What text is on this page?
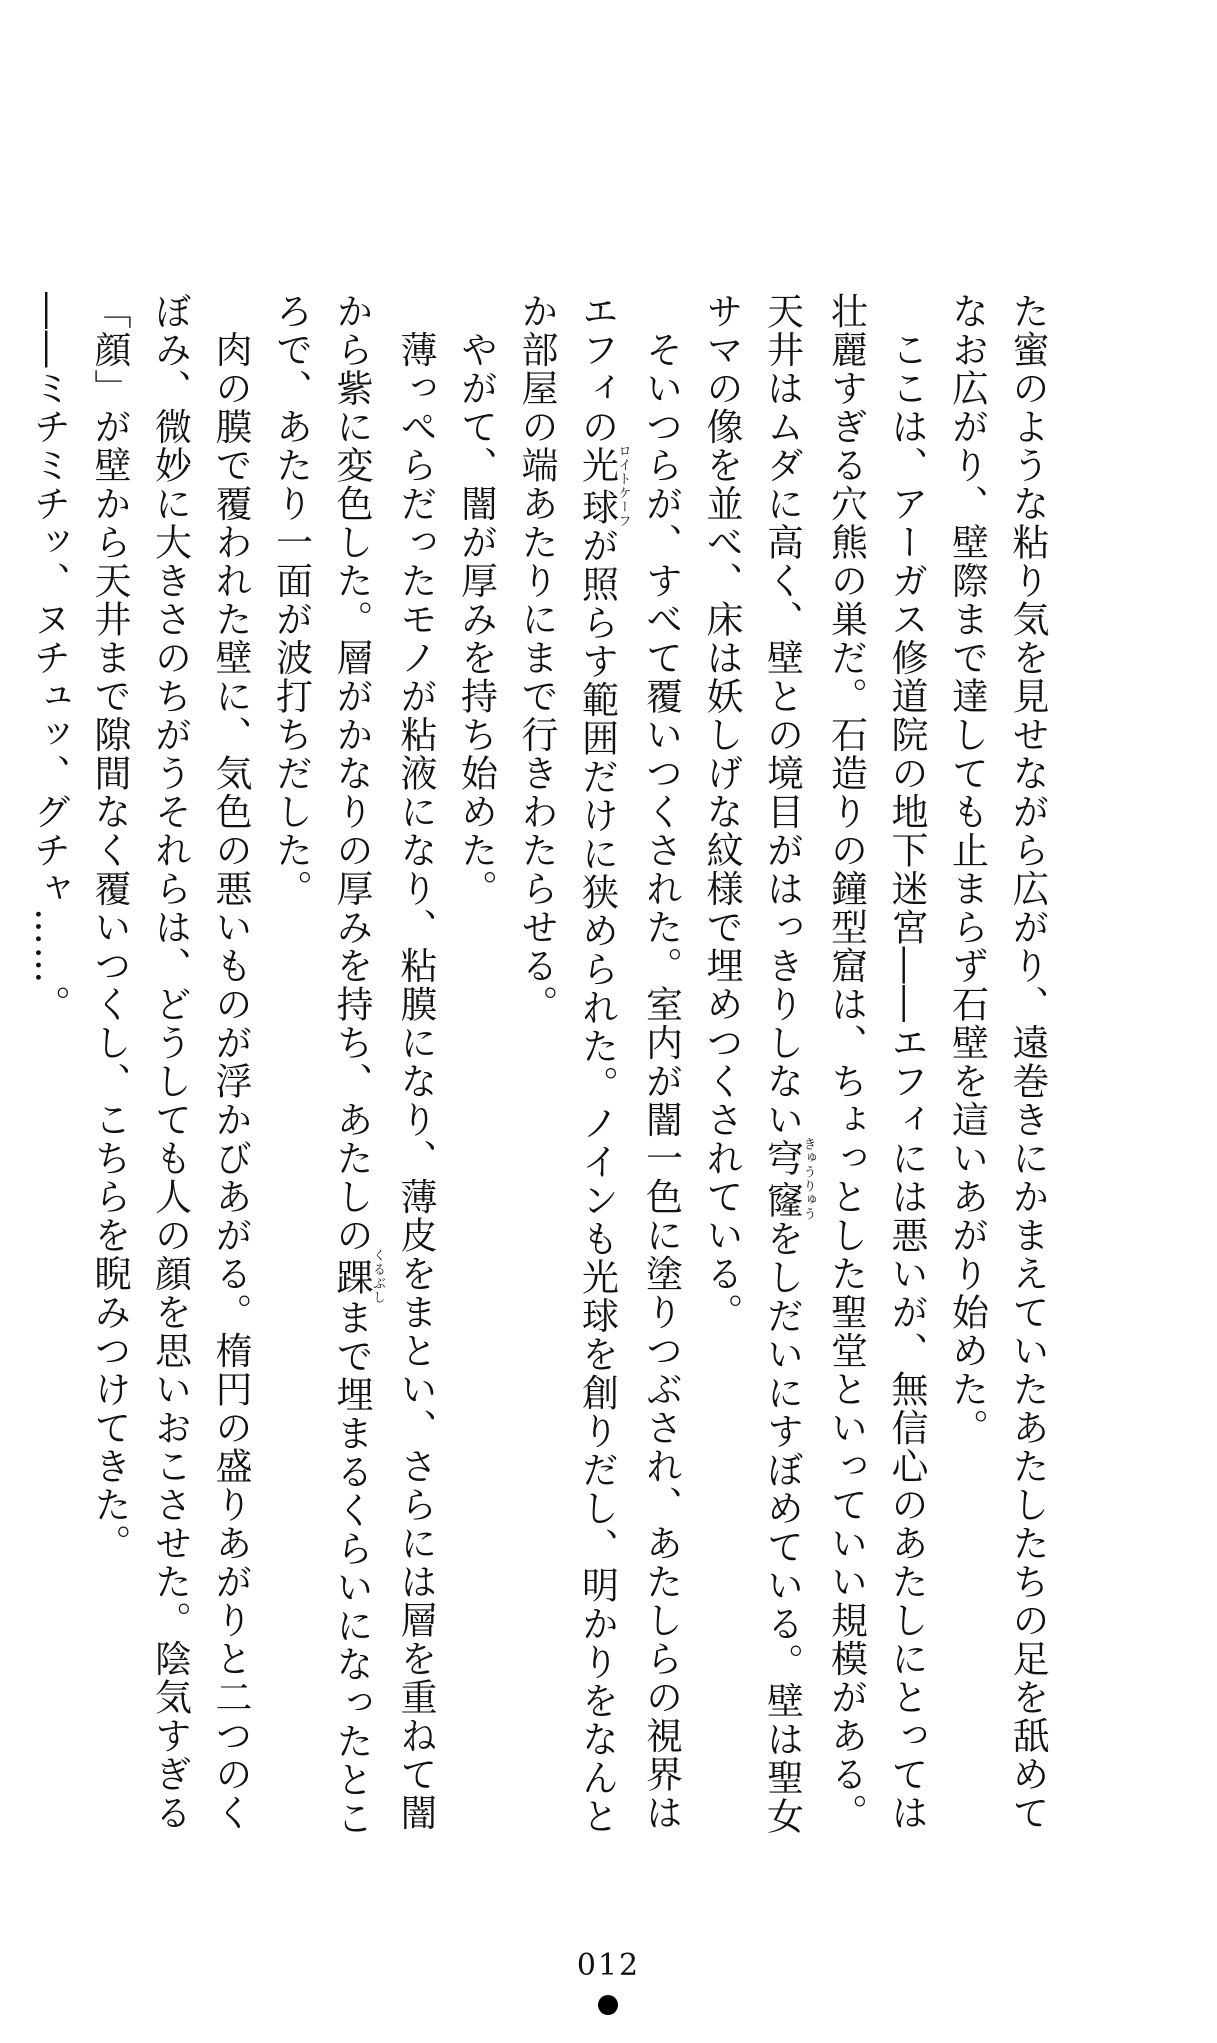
た蜜のような粘り気を見せながら広がり、遠巻きにかまえていたあたしたちの足を舐めて
なお広がり、壁際まで達しても止まらず石壁を這いあがり始めた。
　ここは、アーガス修道院の地下迷宮――エフィには悪いが、無信心のあたしにとっては
壮麗すぎる穴熊の巣だ。石造りの鐘型窟は、ちょっとした聖堂といっていい規模がある。
天井はムダに高く、壁との境目がはっきりしない穹窿きゅうりゅうをしだいにすぼめている。壁は聖女
サマの像を並べ、床は妖しげな紋様で埋めつくされている。
　そいつらが、すべて覆いつくされた。室内が闇一色に塗りつぶされ、あたしらの視界は
エフィの光球ロイトケーフが照らす範囲だけに狭められた。ノインも光球を創りだし、明かりをなんと
か部屋の端あたりにまで行きわたらせる。
　やがて、闇が厚みを持ち始めた。
　薄っぺらだったモノが粘液になり、粘膜になり、薄皮をまとい、さらには層を重ねて闇
から紫に変色した。層がかなりの厚みを持ち、あたしの踝くるぶしまで埋まるくらいになったとこ
ろで、あたり一面が波打ちだした。
　肉の膜で覆われた壁に、気色の悪いものが浮かびあがる。楕円の盛りあがりと二つのく
ぼみ、微妙に大きさのちがうそれらは、どうしても人の顔を思いおこさせた。陰気すぎる
「顔」が壁から天井まで隙間なく覆いつくし、こちらを睨みつけてきた。
――ミチミチッ、ヌチュッ、グチャ……。
012
